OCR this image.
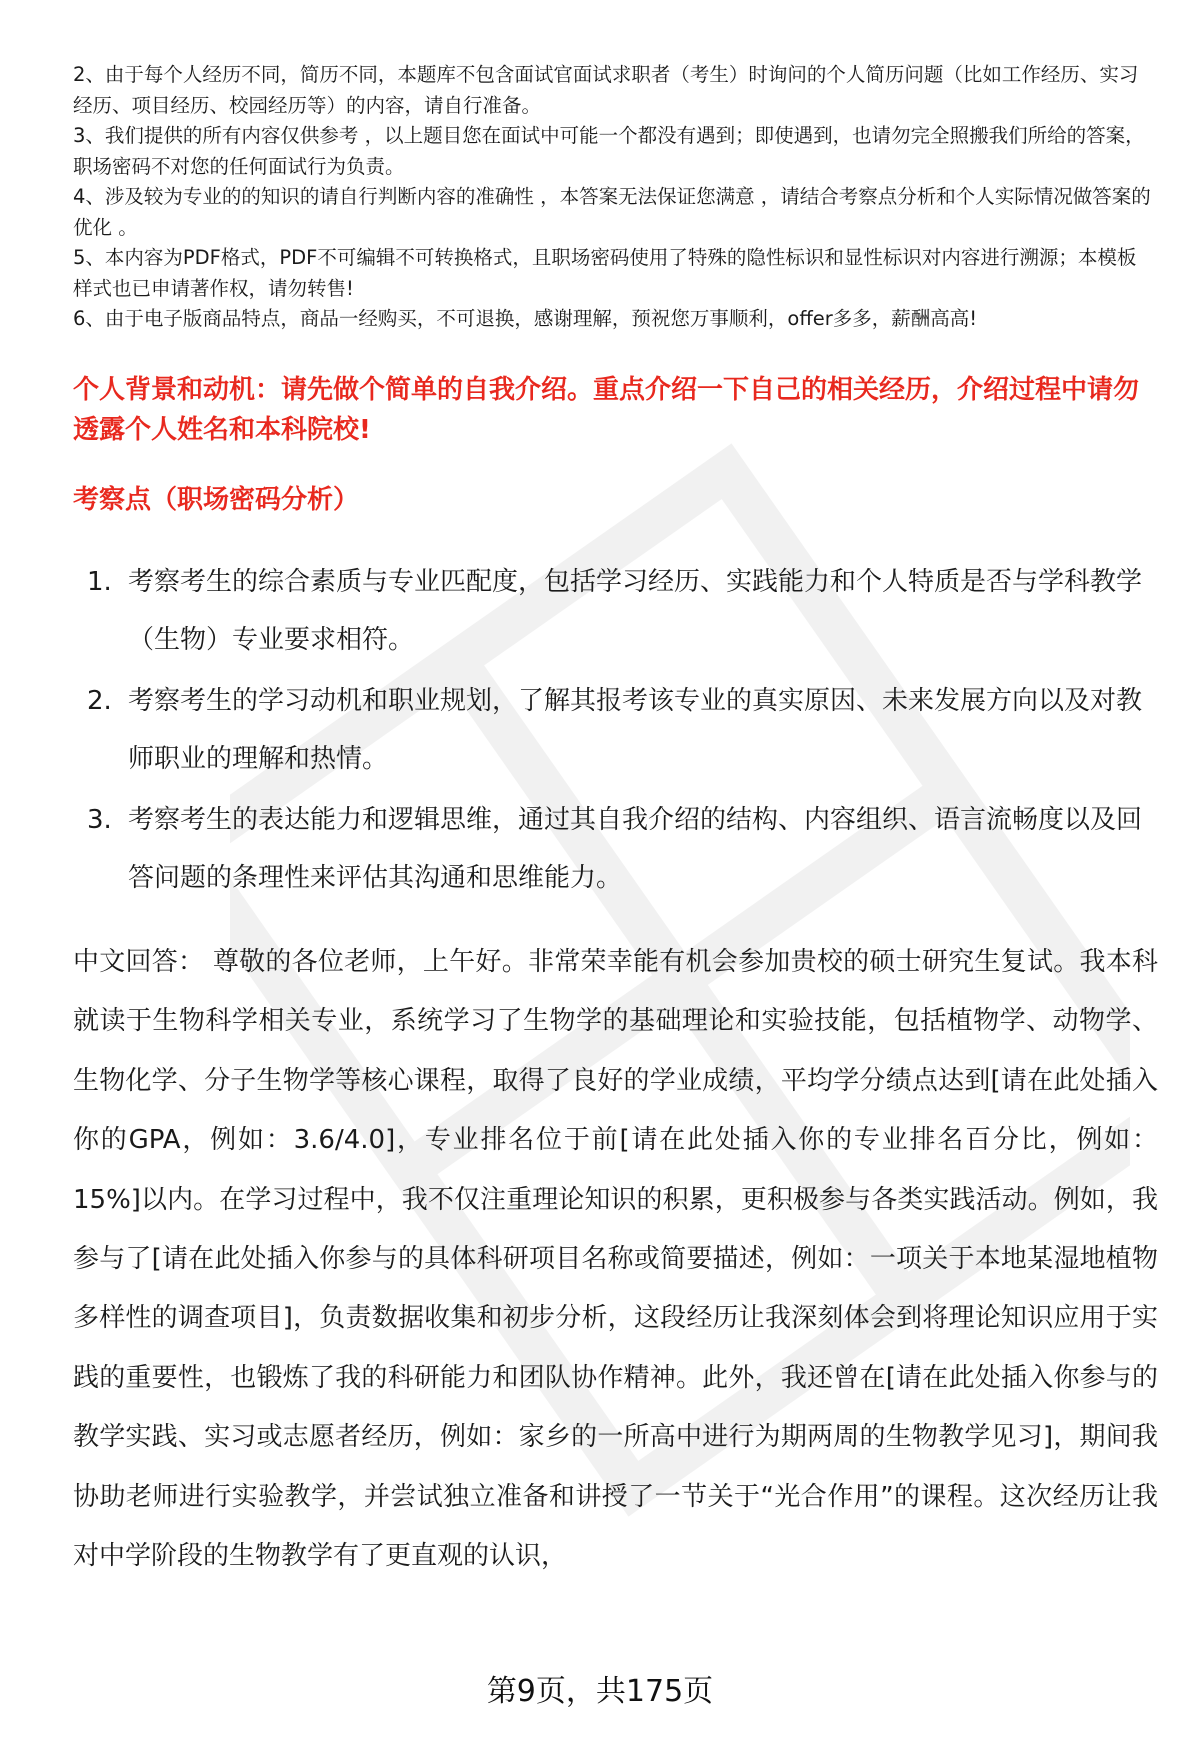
2、由于每个人经历不同，简历不同，本题库不包含面试官面试求职者（考生）时询问的个人简历问题（比如工作经历、实习经历、项目经历、校园经历等）的内容，请自行准备。

3、我们提供的所有内容仅供参考 ，以上题目您在面试中可能一个都没有遇到；即使遇到，也请勿完全照搬我们所给的答案，职场密码不对您的任何面试行为负责。

4、涉及较为专业的的知识的请自行判断内容的准确性 ，本答案无法保证您满意 ，请结合考察点分析和个人实际情况做答案的优化 。

5、本内容为PDF格式，PDF不可编辑不可转换格式，且职场密码使用了特殊的隐性标识和显性标识对内容进行溯源；本模板样式也已申请著作权，请勿转售!

6、由于电子版商品特点，商品一经购买，不可退换，感谢理解，预祝您万事顺利，offer多多，薪酬高高!

个人背景和动机：请先做个简单的自我介绍。重点介绍一下自己的相关经历，介绍过程中请勿透露个人姓名和本科院校!
考察点（职场密码分析）
1. 考察考生的综合素质与专业匹配度，包括学习经历、实践能力和个人特质是否与学科教学（生物）专业要求相符。
2. 考察考生的学习动机和职业规划，了解其报考该专业的真实原因、未来发展方向以及对教师职业的理解和热情。
3. 考察考生的表达能力和逻辑思维，通过其自我介绍的结构、内容组织、语言流畅度以及回答问题的条理性来评估其沟通和思维能力。

中文回答： 尊敬的各位老师，上午好。非常荣幸能有机会参加贵校的硕士研究生复试。我本科就读于生物科学相关专业，系统学习了生物学的基础理论和实验技能，包括植物学、动物学、生物化学、分子生物学等核心课程，取得了良好的学业成绩，平均学分绩点达到[请在此处插入你的GPA，例如：3.6/4.0]，专业排名位于前[请在此处插入你的专业排名百分比，例如：15%]以内。在学习过程中，我不仅注重理论知识的积累，更积极参与各类实践活动。例如，我参与了[请在此处插入你参与的具体科研项目名称或简要描述，例如：一项关于本地某湿地植物多样性的调查项目]，负责数据收集和初步分析，这段经历让我深刻体会到将理论知识应用于实践的重要性，也锻炼了我的科研能力和团队协作精神。此外，我还曾在[请在此处插入你参与的教学实践、实习或志愿者经历，例如：家乡的一所高中进行为期两周的生物教学见习]，期间我协助老师进行实验教学，并尝试独立准备和讲授了一节关于“光合作用”的课程。这次经历让我对中学阶段的生物教学有了更直观的认识，

第9页，共175页
